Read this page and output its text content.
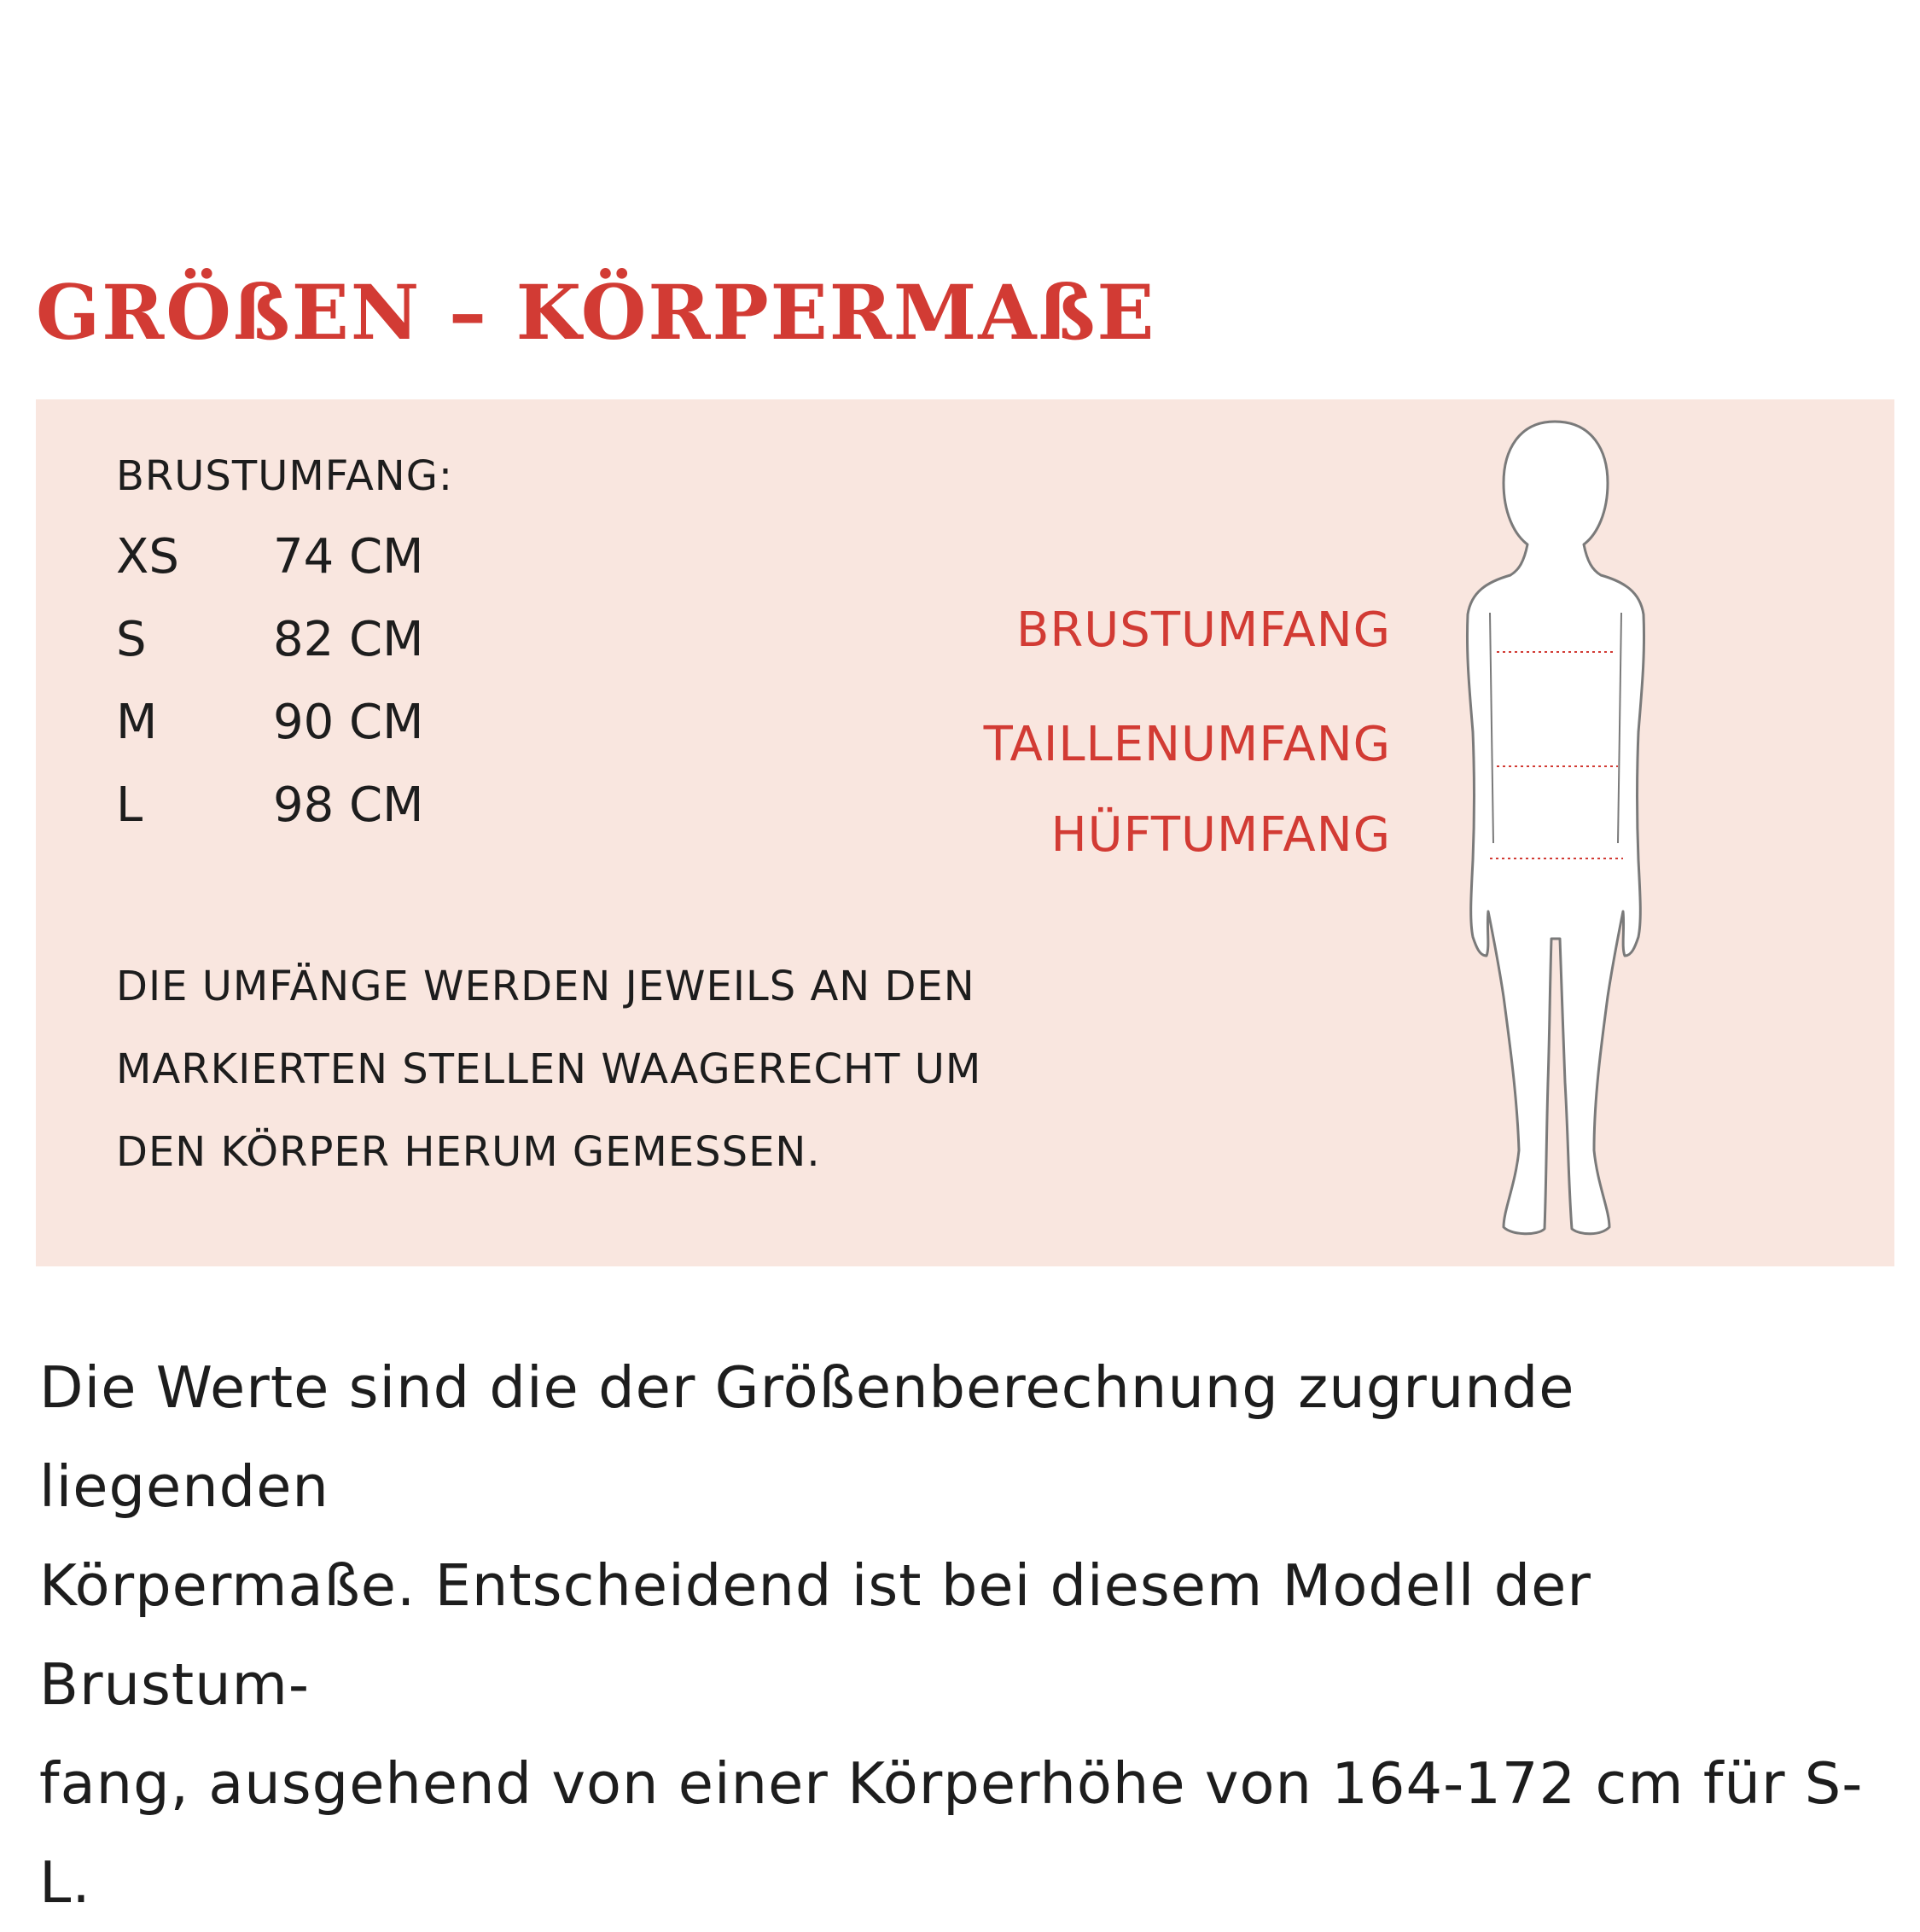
GRÖßEN – KÖRPERMAßE
BRUSTUMFANG:
XS	74 CM
S	82 CM
M	90 CM
L	98 CM

DIE UMFÄNGE WERDEN JEWEILS AN DEN
MARKIERTEN STELLEN WAAGERECHT UM
DEN KÖRPER HERUM GEMESSEN.

BRUSTUMFANG
TAILLENUMFANG
HÜFTUMFANG

Die Werte sind die der Größenberechnung zugrunde liegenden
Körpermaße. Entscheidend ist bei diesem Modell der Brustum-
fang, ausgehend von einer Körperhöhe von 164-172 cm für S-L.
